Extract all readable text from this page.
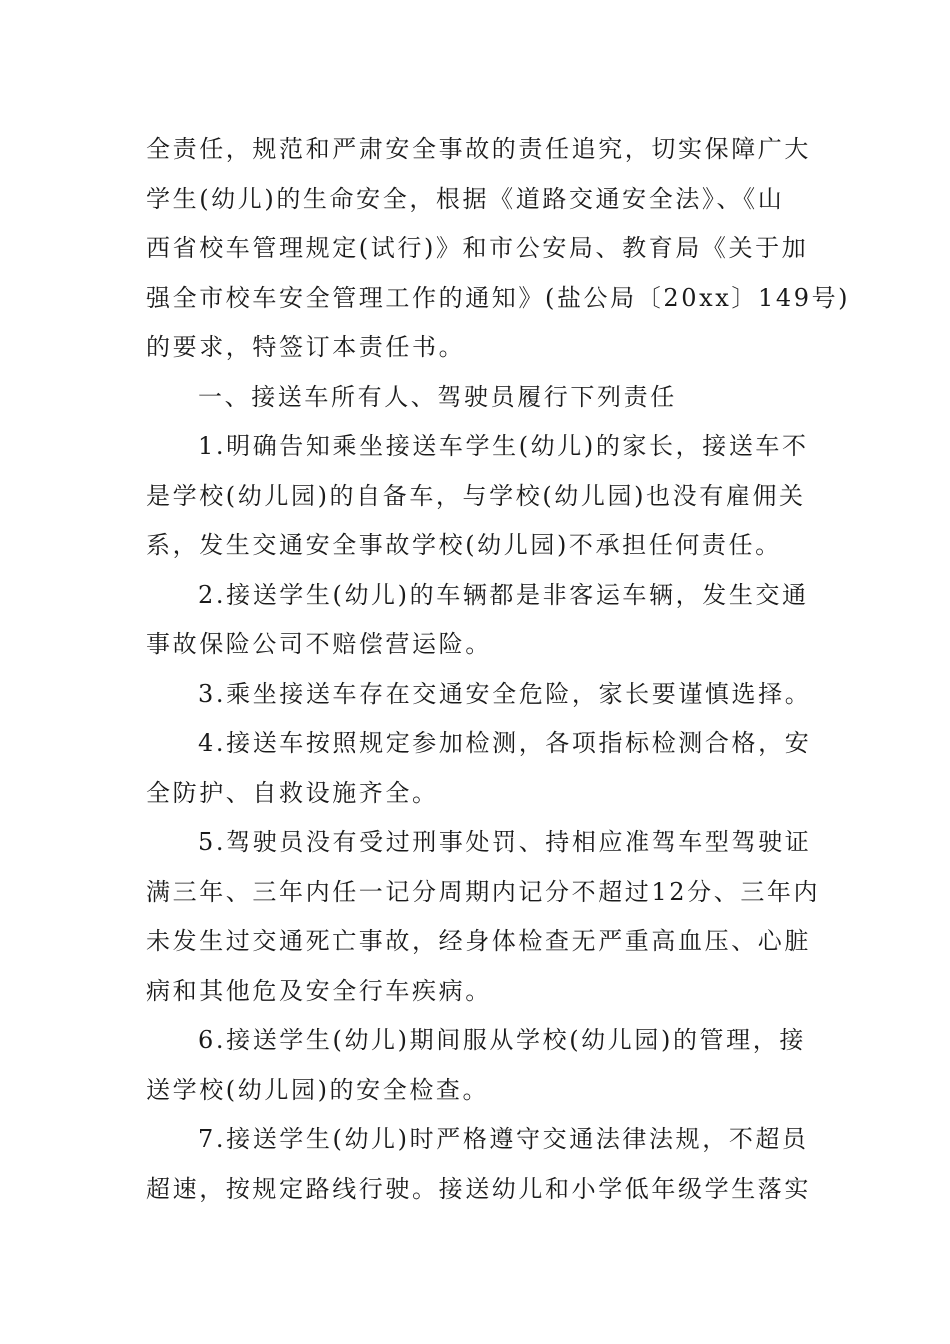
全责任，规范和严肃安全事故的责任追究，切实保障广大
学生(幼儿)的生命安全，根据《道路交通安全法》、《山
西省校车管理规定(试行)》和市公安局、教育局《关于加
强全市校车安全管理工作的通知》(盐公局〔20xx〕149号)
的要求，特签订本责任书。
一、接送车所有人、驾驶员履行下列责任
1.明确告知乘坐接送车学生(幼儿)的家长，接送车不
是学校(幼儿园)的自备车，与学校(幼儿园)也没有雇佣关
系，发生交通安全事故学校(幼儿园)不承担任何责任。
2.接送学生(幼儿)的车辆都是非客运车辆，发生交通
事故保险公司不赔偿营运险。
3.乘坐接送车存在交通安全危险，家长要谨慎选择。
4.接送车按照规定参加检测，各项指标检测合格，安
全防护、自救设施齐全。
5.驾驶员没有受过刑事处罚、持相应准驾车型驾驶证
满三年、三年内任一记分周期内记分不超过12分、三年内
未发生过交通死亡事故，经身体检查无严重高血压、心脏
病和其他危及安全行车疾病。
6.接送学生(幼儿)期间服从学校(幼儿园)的管理，接
送学校(幼儿园)的安全检查。
7.接送学生(幼儿)时严格遵守交通法律法规，不超员
超速，按规定路线行驶。接送幼儿和小学低年级学生落实
